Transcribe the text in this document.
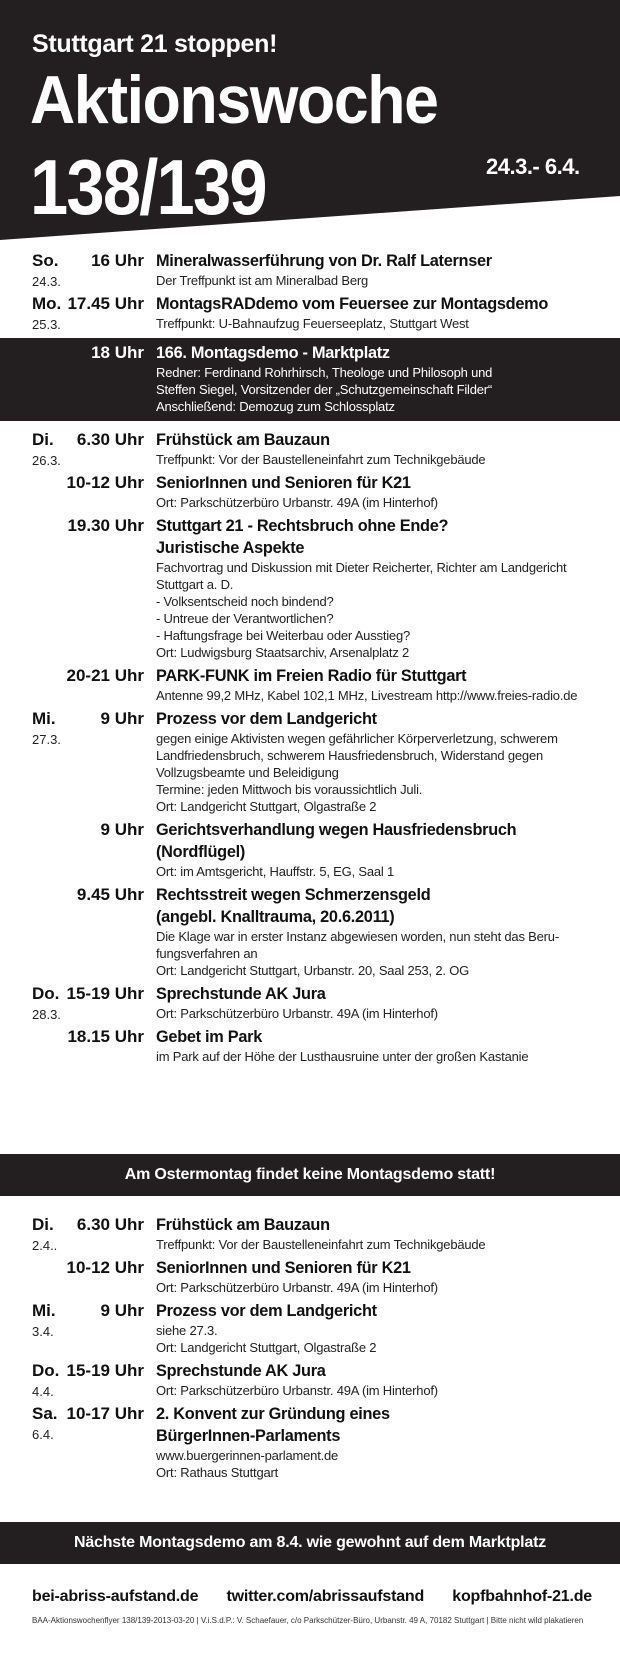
Stuttgart 21 stoppen!
Aktionswoche
138/139	24.3.- 6.4.
So.
24.3.
16 Uhr Mineralwasserführung von Dr. Ralf Laternser
Der Treffpunkt ist am Mineralbad Berg
Mo.
25.3.
17.45 Uhr MontagsRADdemo vom Feuersee zur Montagsdemo
Treffpunkt: U-Bahnaufzug Feuerseeplatz, Stuttgart West
18 Uhr 166. Montagsdemo - Marktplatz
Redner: Ferdinand Rohrhirsch, Theologe und Philosoph und
Steffen Siegel, Vorsitzender der „Schutzgemeinschaft Filder“
Anschließend: Demozug zum Schlossplatz
Di.
26.3.
6.30 Uhr Frühstück am Bauzaun
Treffpunkt: Vor der Baustelleneinfahrt zum Technikgebäude
10-12 Uhr SeniorInnen und Senioren für K21
Ort: Parkschützerbüro Urbanstr. 49A (im Hinterhof)
19.30 Uhr Stuttgart 21 - Rechtsbruch ohne Ende?
Juristische Aspekte
Fachvortrag und Diskussion mit Dieter Reicherter, Richter am Landgericht
Stuttgart a. D.
- Volksentscheid noch bindend?
- Untreue der Verantwortlichen?
- Haftungsfrage bei Weiterbau oder Ausstieg?
Ort: Ludwigsburg Staatsarchiv, Arsenalplatz 2
20-21 Uhr PARK-FUNK im Freien Radio für Stuttgart
Antenne 99,2 MHz, Kabel 102,1 MHz, Livestream http://www.freies-radio.de
Mi.
27.3.
9 Uhr Prozess vor dem Landgericht
gegen einige Aktivisten wegen gefährlicher Körperverletzung, schwerem
Landfriedensbruch, schwerem Hausfriedensbruch, Widerstand gegen
Vollzugsbeamte und Beleidigung
Termine: jeden Mittwoch bis voraussichtlich Juli.
Ort: Landgericht Stuttgart, Olgastraße 2
9 Uhr Gerichtsverhandlung wegen Hausfriedensbruch
(Nordflügel)
Ort: im Amtsgericht, Hauffstr. 5, EG, Saal 1
9.45 Uhr Rechtsstreit wegen Schmerzensgeld
(angebl. Knalltrauma, 20.6.2011)
Die Klage war in erster Instanz abgewiesen worden, nun steht das Beru-
fungsverfahren an
Ort: Landgericht Stuttgart, Urbanstr. 20, Saal 253, 2. OG
Do.
28.3.
15-19 Uhr Sprechstunde AK Jura
Ort: Parkschützerbüro Urbanstr. 49A (im Hinterhof)
18.15 Uhr Gebet im Park
im Park auf der Höhe der Lusthausruine unter der großen Kastanie
Am Ostermontag findet keine Montagsdemo statt!
Di.
2.4..
6.30 Uhr Frühstück am Bauzaun
Treffpunkt: Vor der Baustelleneinfahrt zum Technikgebäude
10-12 Uhr SeniorInnen und Senioren für K21
Ort: Parkschützerbüro Urbanstr. 49A (im Hinterhof)
Mi.
3.4.
9 Uhr Prozess vor dem Landgericht
siehe 27.3.
Ort: Landgericht Stuttgart, Olgastraße 2
Do.
4.4.
15-19 Uhr Sprechstunde AK Jura
Ort: Parkschützerbüro Urbanstr. 49A (im Hinterhof)
Sa.
6.4.
10-17 Uhr 2. Konvent zur Gründung eines
BürgerInnen-Parlaments
www.buergerinnen-parlament.de
Ort: Rathaus Stuttgart
Nächste Montagsdemo am 8.4. wie gewohnt auf dem Marktplatz
bei-abriss-aufstand.de twitter.com/abrissaufstand kopfbahnhof-21.de
BAA-Aktionswochenflyer 138/139-2013-03-20 | V.i.S.d.P.: V. Schaefauer, c/o Parkschützer-Büro, Urbanstr. 49 A, 70182 Stuttgart | Bitte nicht wild plakatieren
